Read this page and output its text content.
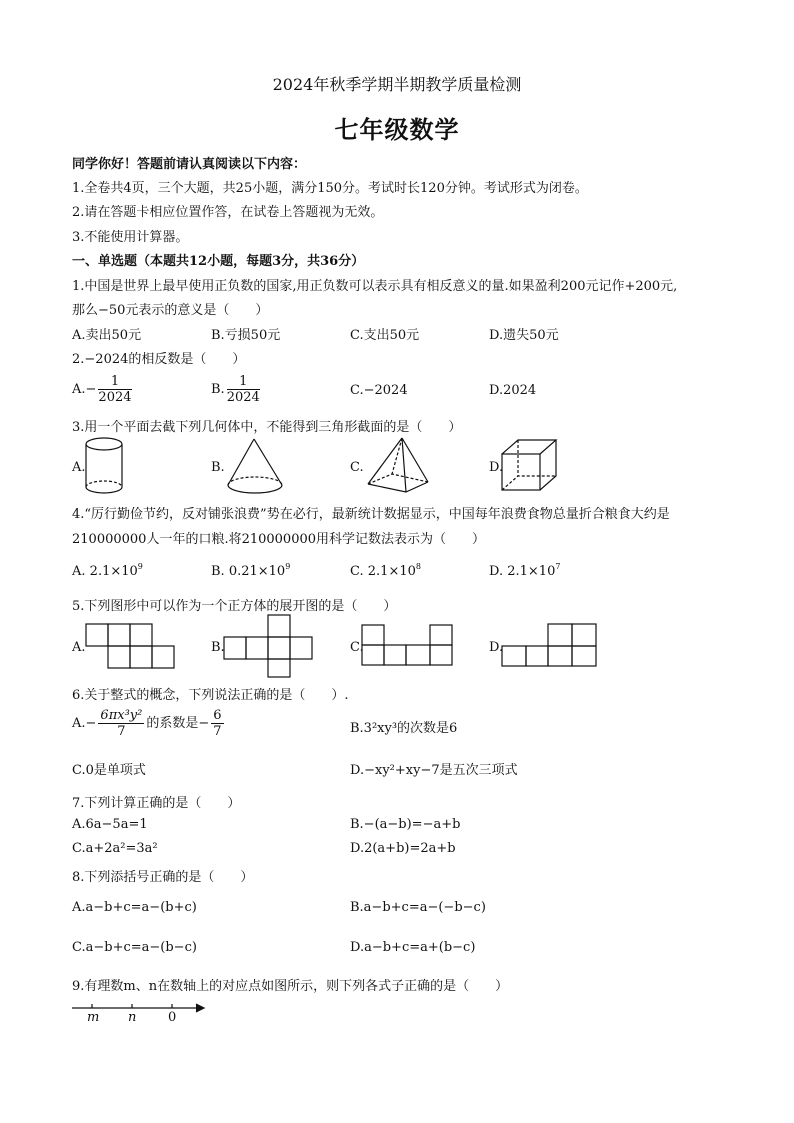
2024年秋季学期半期教学质量检测
七年级数学
同学你好！答题前请认真阅读以下内容：
1.全卷共4页，三个大题，共25小题，满分150分。考试时长120分钟。考试形式为闭卷。
2.请在答题卡相应位置作答，在试卷上答题视为无效。
3.不能使用计算器。
一、单选题（本题共12小题，每题3分，共36分）
1.中国是世界上最早使用正负数的国家,用正负数可以表示具有相反意义的量.如果盈利200元记作+200元,
那么−50元表示的意义是（　　）
A.卖出50元	B.亏损50元	C.支出50元	D.遗失50元
2.−2024的相反数是（　　）
$A.- \frac{1}{2024}$	B. $\frac{1}{2024}$	C.−2024	D.2024
3.用一个平面去截下列几何体中，不能得到三角形截面的是（　　）
A.	B.	C.	D.
4.“厉行勤俭节约，反对铺张浪费”势在必行，最新统计数据显示，中国每年浪费食物总量折合粮食大约是
210000000人一年的口粮.将210000000用科学记数法表示为（　　）
A. $2.1\times 10^9$	B. $0.21\times 10^9$	C. $2.1\times 10^8$	D. $2.1\times 10^7$
5.下列图形中可以作为一个正方体的展开图的是（　　）
A.	B.	C.	D.
6.关于整式的概念，下列说法正确的是（　　）.
$A.- \frac{\text{6πx³y²}}{7}$ 的系数是− $\frac{6}{7}$	B.3²xy³的次数是6
C.0是单项式	D.−xy²+xy−7是五次三项式
7.下列计算正确的是（　　）
A.6a−5a=1	B.−(a−b)=−a+b
C.a+2a²=3a²	D.2(a+b)=2a+b
8.下列添括号正确的是（　　）
A.a−b+c=a−(b+c)	B.a−b+c=a−(−b−c)
C.a−b+c=a−(b−c)	D.a−b+c=a+(b−c)
9.有理数m、n在数轴上的对应点如图所示，则下列各式子正确的是（　　）
m n 0
